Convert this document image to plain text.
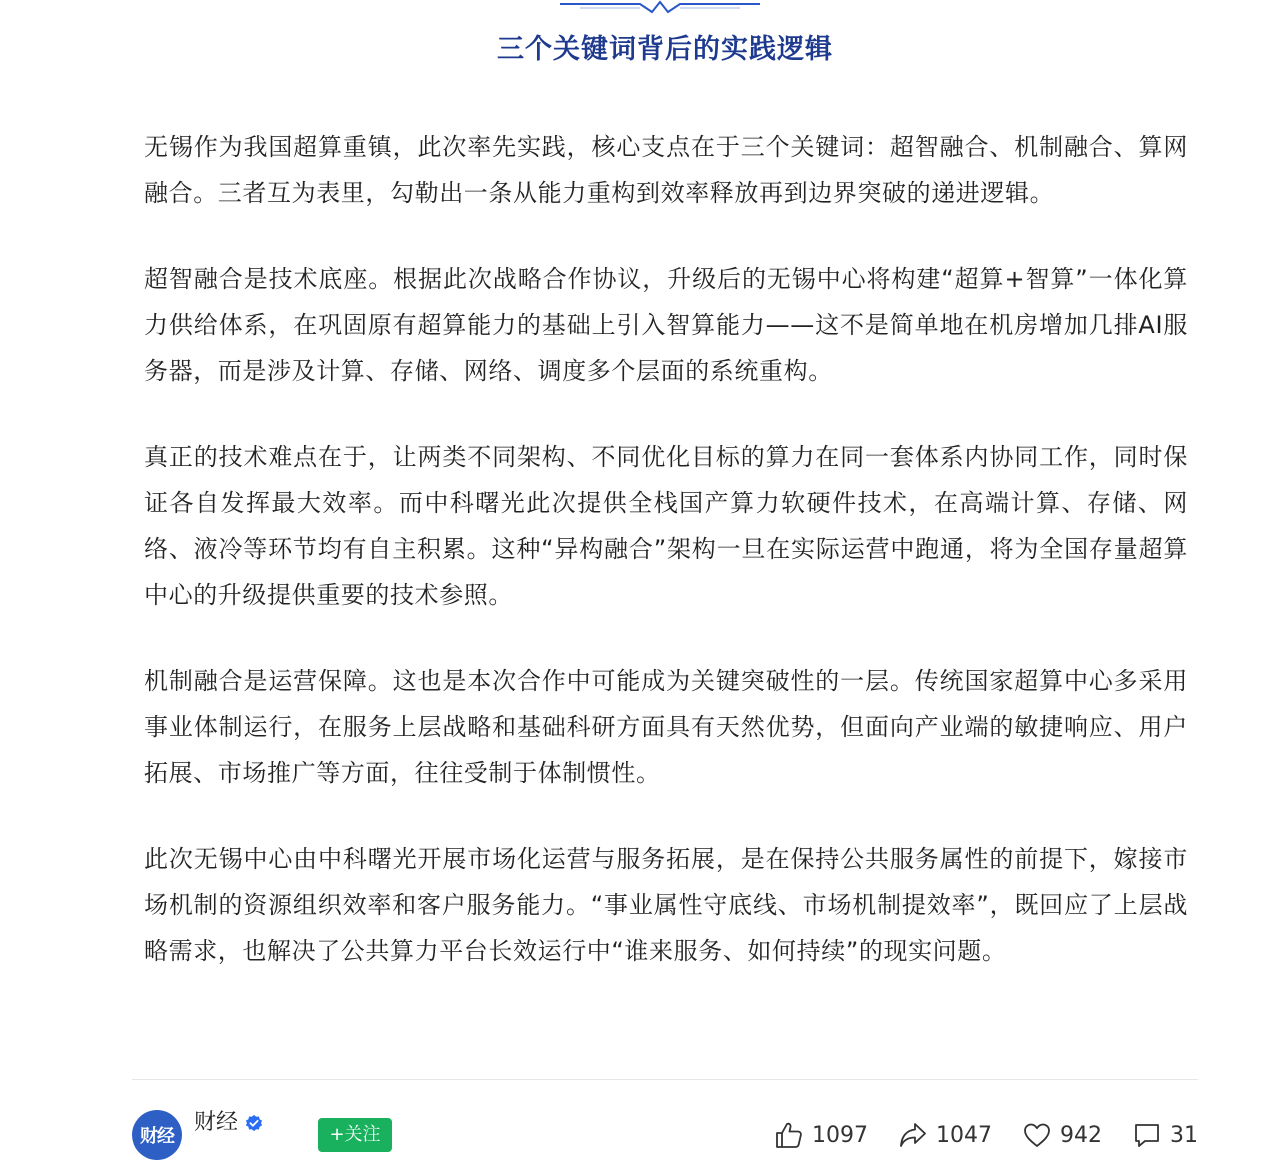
三个关键词背后的实践逻辑

无锡作为我国超算重镇，此次率先实践，核心支点在于三个关键词：超智融合、机制融合、算网融合。三者互为表里，勾勒出一条从能力重构到效率释放再到边界突破的递进逻辑。

超智融合是技术底座。根据此次战略合作协议，升级后的无锡中心将构建“超算+智算”一体化算力供给体系，在巩固原有超算能力的基础上引入智算能力——这不是简单地在机房增加几排AI服务器，而是涉及计算、存储、网络、调度多个层面的系统重构。

真正的技术难点在于，让两类不同架构、不同优化目标的算力在同一套体系内协同工作，同时保证各自发挥最大效率。而中科曙光此次提供全栈国产算力软硬件技术，在高端计算、存储、网络、液冷等环节均有自主积累。这种“异构融合”架构一旦在实际运营中跑通，将为全国存量超算中心的升级提供重要的技术参照。

机制融合是运营保障。这也是本次合作中可能成为关键突破性的一层。传统国家超算中心多采用事业体制运行，在服务上层战略和基础科研方面具有天然优势，但面向产业端的敏捷响应、用户拓展、市场推广等方面，往往受制于体制惯性。

此次无锡中心由中科曙光开展市场化运营与服务拓展，是在保持公共服务属性的前提下，嫁接市场机制的资源组织效率和客户服务能力。“事业属性守底线、市场机制提效率”，既回应了上层战略需求，也解决了公共算力平台长效运行中“谁来服务、如何持续”的现实问题。

财经
财经	+关注	1097	1047	942	31
